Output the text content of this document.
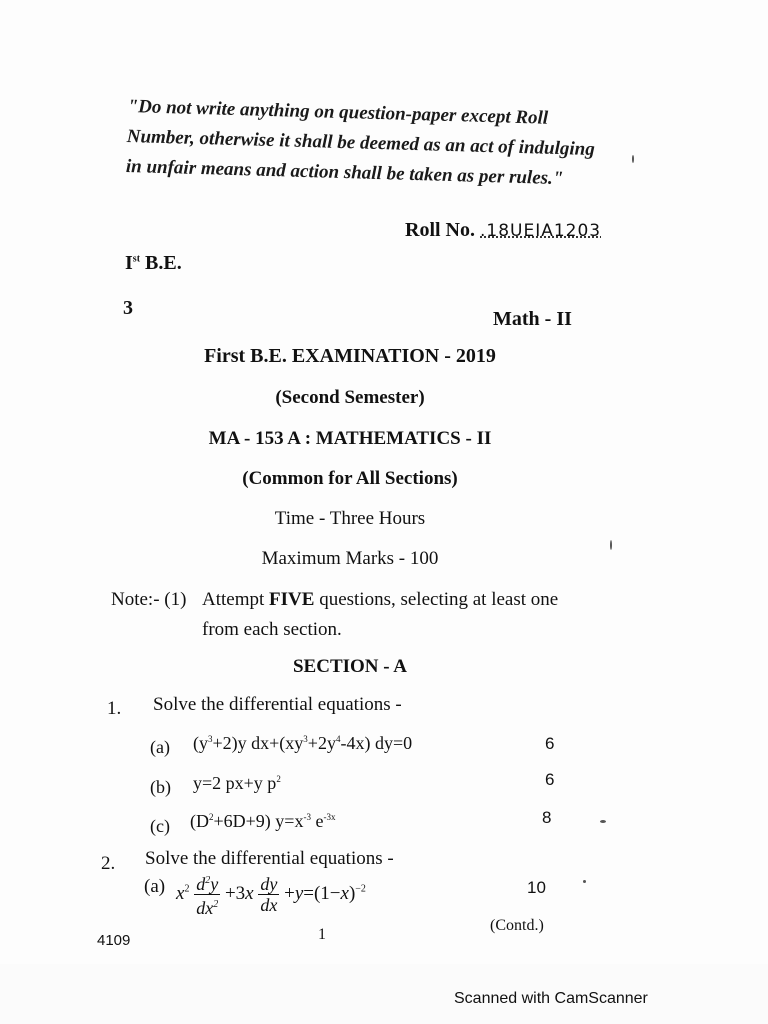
"Do not write anything on question-paper except Roll Number, otherwise it shall be deemed as an act of indulging in unfair means and action shall be taken as per rules."
Roll No. .18UEIA1203
Ist B.E.
3	Math - II
First B.E. EXAMINATION - 2019
(Second Semester)
MA - 153 A : MATHEMATICS - II
(Common for All Sections)
Time - Three Hours
Maximum Marks - 100
Note:- (1) Attempt FIVE questions, selecting at least one
from each section.
SECTION - A
1. Solve the differential equations -
(a) $(y^3+2)y$ $dx+(xy^3+2y^4-4x)$ dy=0	6
(b) y=2 px+y $p^2$	6
(c) $(D^2+6D+9)$ $y=x^{-3}$ $e^{-3x}$	8
2. Solve the differential equations -
(a) $x^2 \frac{d^2y}{dx^2} +3x \frac{dy}{dx} +y=(1-x)^{-2}$	10
4109	1
(Contd.)
Scanned with CamScanner
